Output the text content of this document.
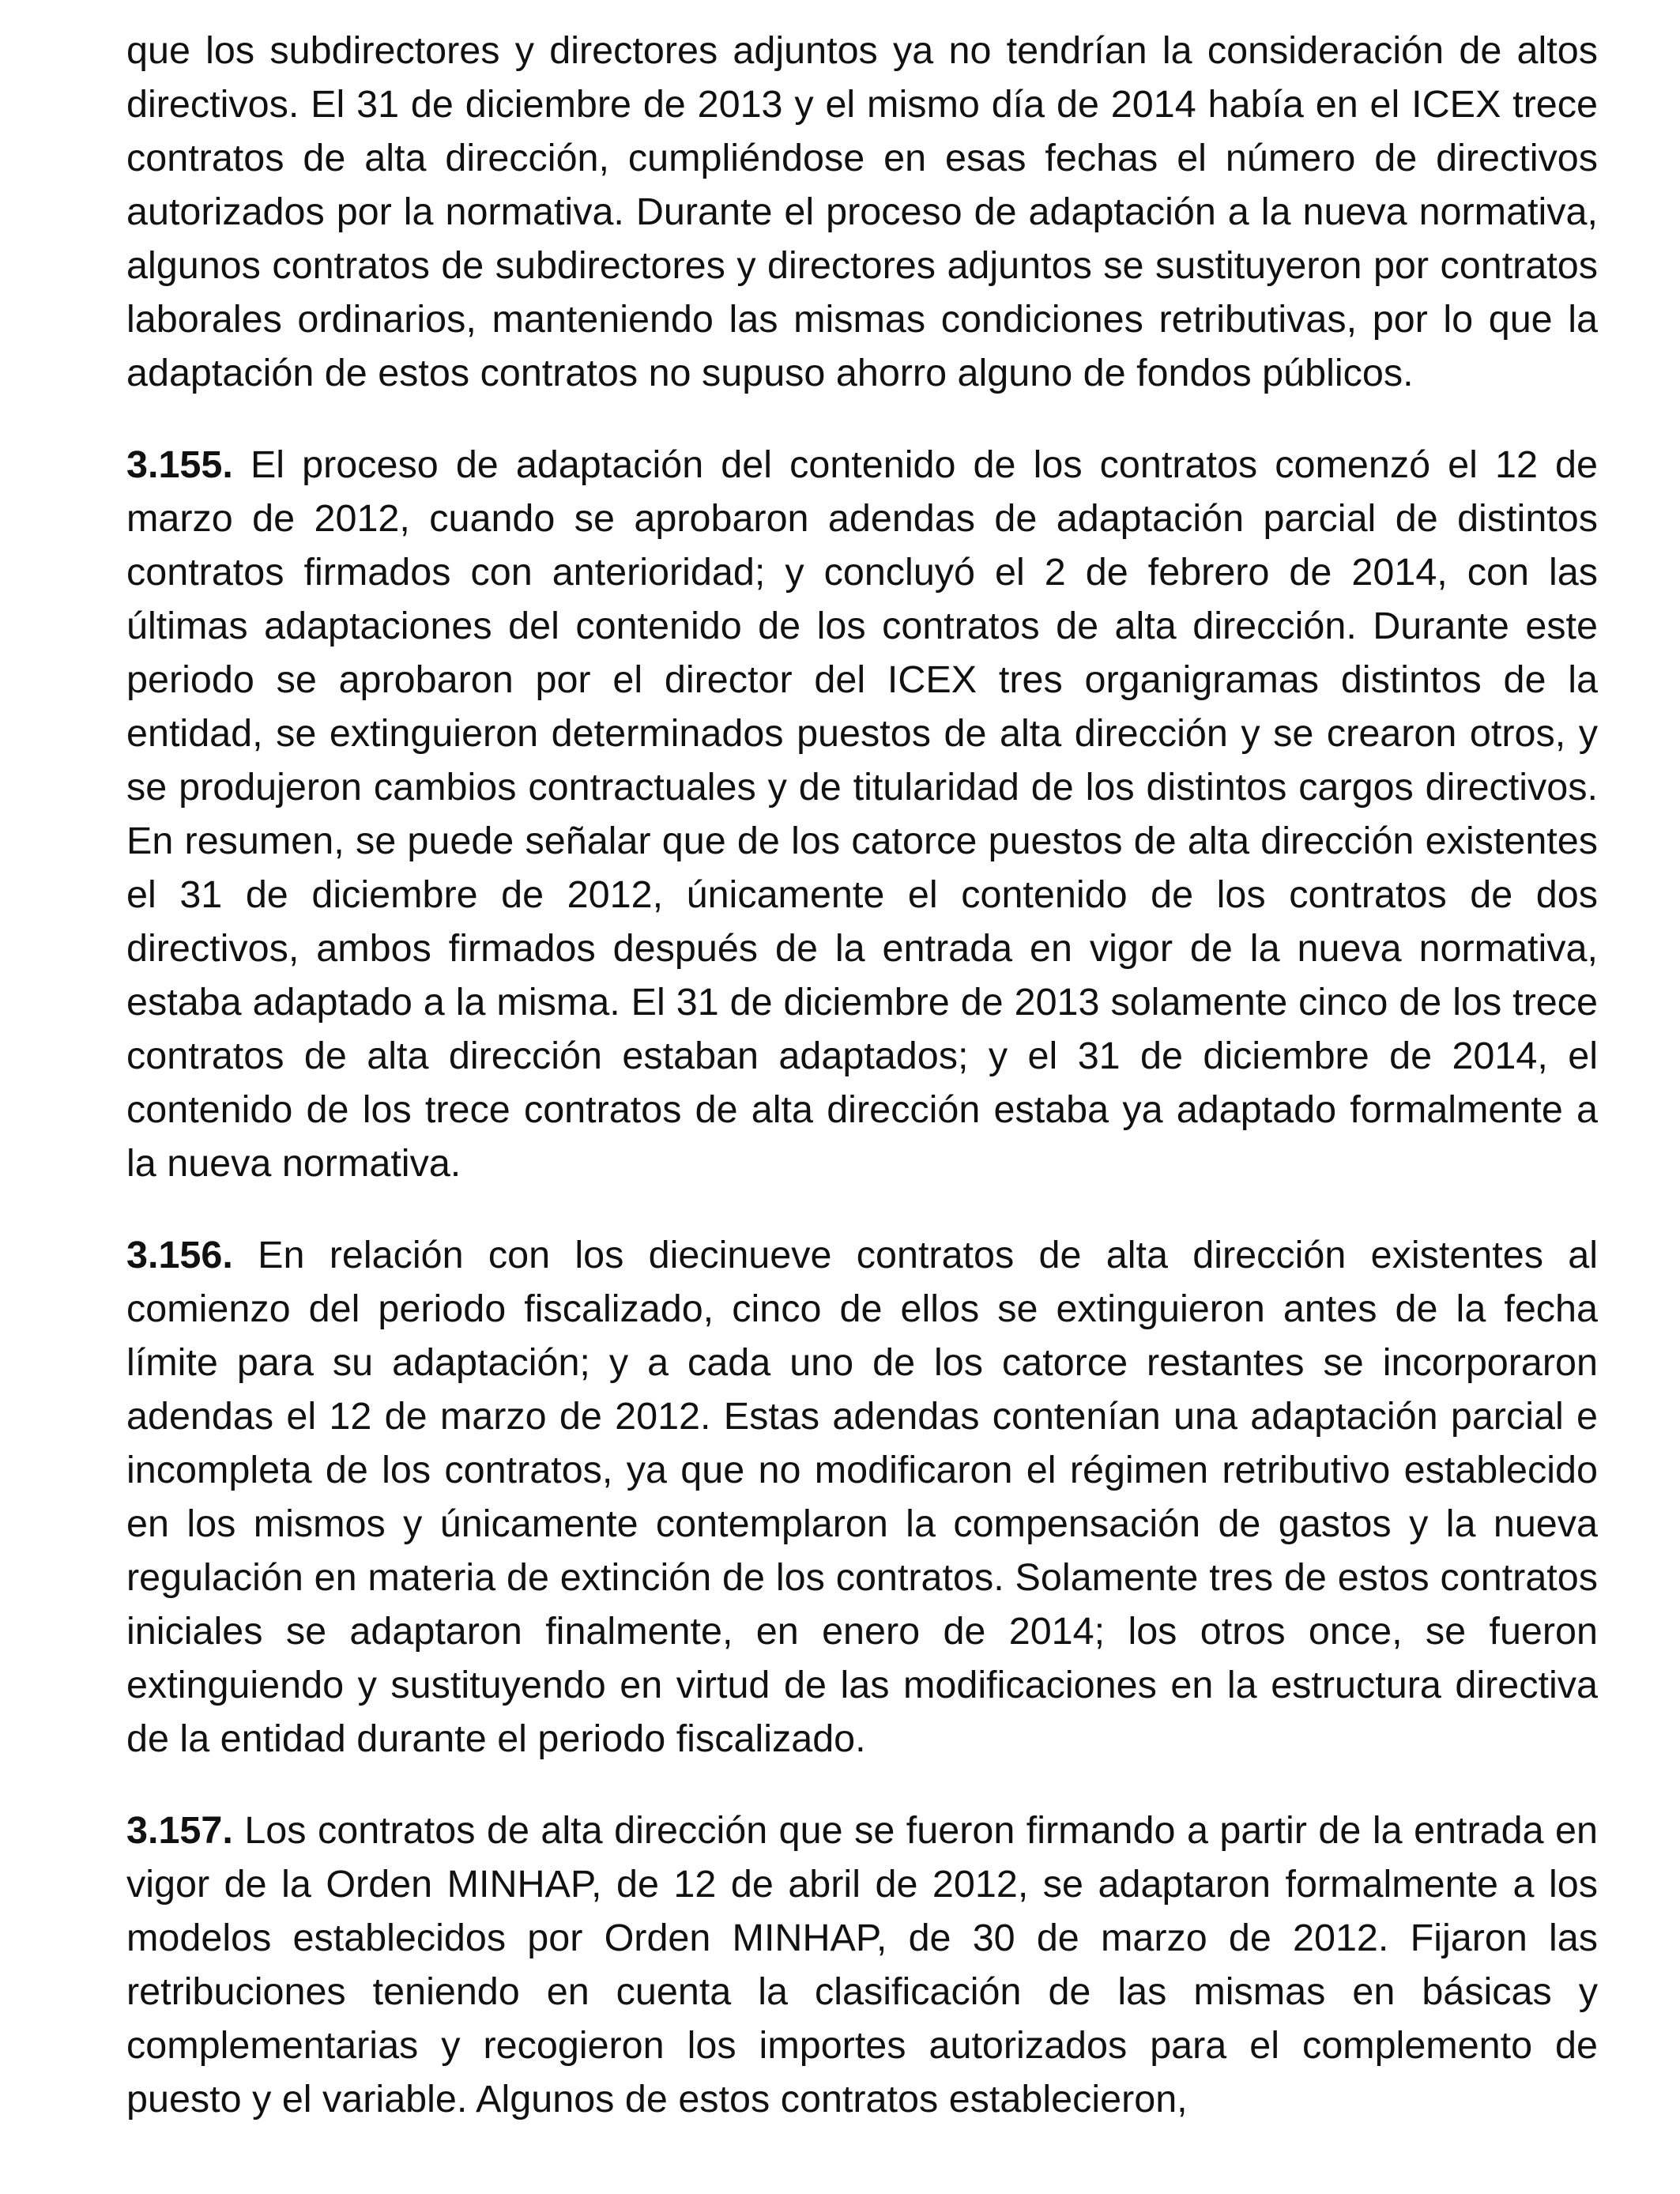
que los subdirectores y directores adjuntos ya no tendrían la consideración de altos directivos. El 31 de diciembre de 2013 y el mismo día de 2014 había en el ICEX trece contratos de alta dirección, cumpliéndose en esas fechas el número de directivos autorizados por la normativa. Durante el proceso de adaptación a la nueva normativa, algunos contratos de subdirectores y directores adjuntos se sustituyeron por contratos laborales ordinarios, manteniendo las mismas condiciones retributivas, por lo que la adaptación de estos contratos no supuso ahorro alguno de fondos públicos.

3.155. El proceso de adaptación del contenido de los contratos comenzó el 12 de marzo de 2012, cuando se aprobaron adendas de adaptación parcial de distintos contratos firmados con anterioridad; y concluyó el 2 de febrero de 2014, con las últimas adaptaciones del contenido de los contratos de alta dirección. Durante este periodo se aprobaron por el director del ICEX tres organigramas distintos de la entidad, se extinguieron determinados puestos de alta dirección y se crearon otros, y se produjeron cambios contractuales y de titularidad de los distintos cargos directivos. En resumen, se puede señalar que de los catorce puestos de alta dirección existentes el 31 de diciembre de 2012, únicamente el contenido de los contratos de dos directivos, ambos firmados después de la entrada en vigor de la nueva normativa, estaba adaptado a la misma. El 31 de diciembre de 2013 solamente cinco de los trece contratos de alta dirección estaban adaptados; y el 31 de diciembre de 2014, el contenido de los trece contratos de alta dirección estaba ya adaptado formalmente a la nueva normativa.

3.156. En relación con los diecinueve contratos de alta dirección existentes al comienzo del periodo fiscalizado, cinco de ellos se extinguieron antes de la fecha límite para su adaptación; y a cada uno de los catorce restantes se incorporaron adendas el 12 de marzo de 2012. Estas adendas contenían una adaptación parcial e incompleta de los contratos, ya que no modificaron el régimen retributivo establecido en los mismos y únicamente contemplaron la compensación de gastos y la nueva regulación en materia de extinción de los contratos. Solamente tres de estos contratos iniciales se adaptaron finalmente, en enero de 2014; los otros once, se fueron extinguiendo y sustituyendo en virtud de las modificaciones en la estructura directiva de la entidad durante el periodo fiscalizado.

3.157. Los contratos de alta dirección que se fueron firmando a partir de la entrada en vigor de la Orden MINHAP, de 12 de abril de 2012, se adaptaron formalmente a los modelos establecidos por Orden MINHAP, de 30 de marzo de 2012. Fijaron las retribuciones teniendo en cuenta la clasificación de las mismas en básicas y complementarias y recogieron los importes autorizados para el complemento de puesto y el variable. Algunos de estos contratos establecieron,
